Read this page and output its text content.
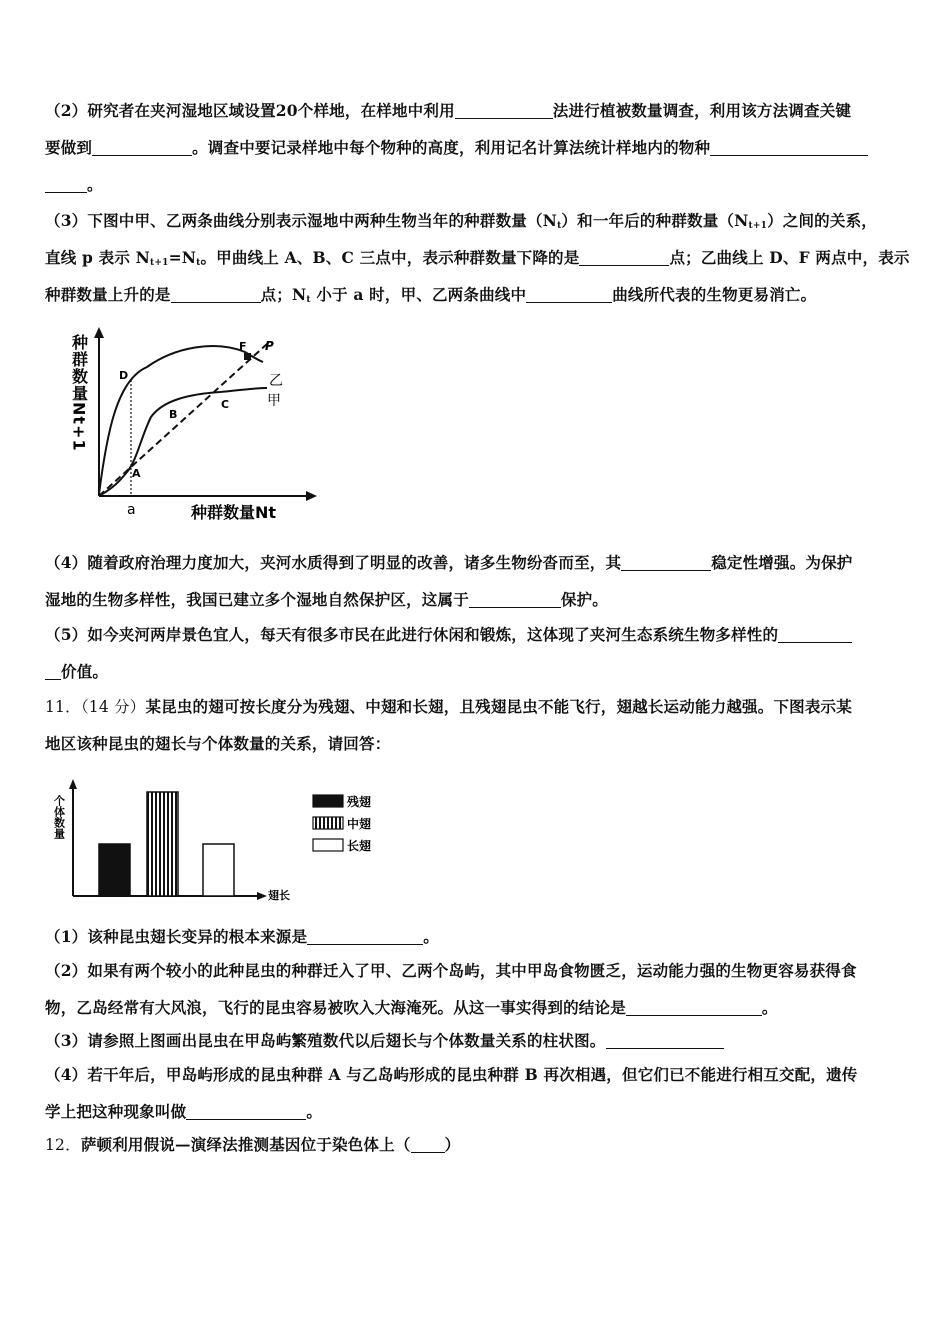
（2）研究者在夹河湿地区域设置20个样地，在样地中利用	法进行植被数量调查，利用该方法调查关键
要做到	。调查中要记录样地中每个物种的高度，利用记名计算法统计样地内的物种
。
（3）下图中甲、乙两条曲线分别表示湿地中两种生物当年的种群数量$(N_t)$和一年后的种群数量$(N_{t+1})$之间的关系，
直线 p 表示 $N_{t+1}=N_t$。甲曲线上 A、B、C 三点中，表示种群数量下降的是	点；乙曲线上 D、F 两点中，表示
种群数量上升的是	点；$N_t$ 小于 a 时，甲、乙两条曲线中	曲线所代表的生物更易消亡。
种群数量Nt+1
种群数量Nt
a
A
B
C
D
F P
乙
甲
（4）随着政府治理力度加大，夹河水质得到了明显的改善，诸多生物纷沓而至，其	稳定性增强。为保护
湿地的生物多样性，我国已建立多个湿地自然保护区，这属于	保护。
（5）如今夹河两岸景色宜人，每天有很多市民在此进行休闲和锻炼，这体现了夹河生态系统生物多样性的
价值。
11．（14 分）某昆虫的翅可按长度分为残翅、中翅和长翅，且残翅昆虫不能飞行，翅越长运动能力越强。下图表示某
地区该种昆虫的翅长与个体数量的关系，请回答：
个体数量
翅长
残翅
中翅
长翅
（1）该种昆虫翅长变异的根本来源是	。
（2）如果有两个较小的此种昆虫的种群迁入了甲、乙两个岛屿，其中甲岛食物匮乏，运动能力强的生物更容易获得食
物，乙岛经常有大风浪，飞行的昆虫容易被吹入大海淹死。从这一事实得到的结论是	。
（3）请参照上图画出昆虫在甲岛屿繁殖数代以后翅长与个体数量关系的柱状图。
（4）若干年后，甲岛屿形成的昆虫种群 A 与乙岛屿形成的昆虫种群 B 再次相遇，但它们已不能进行相互交配，遗传
学上把这种现象叫做	。
12．萨顿利用假说—演绎法推测基因位于染色体上（ ）
